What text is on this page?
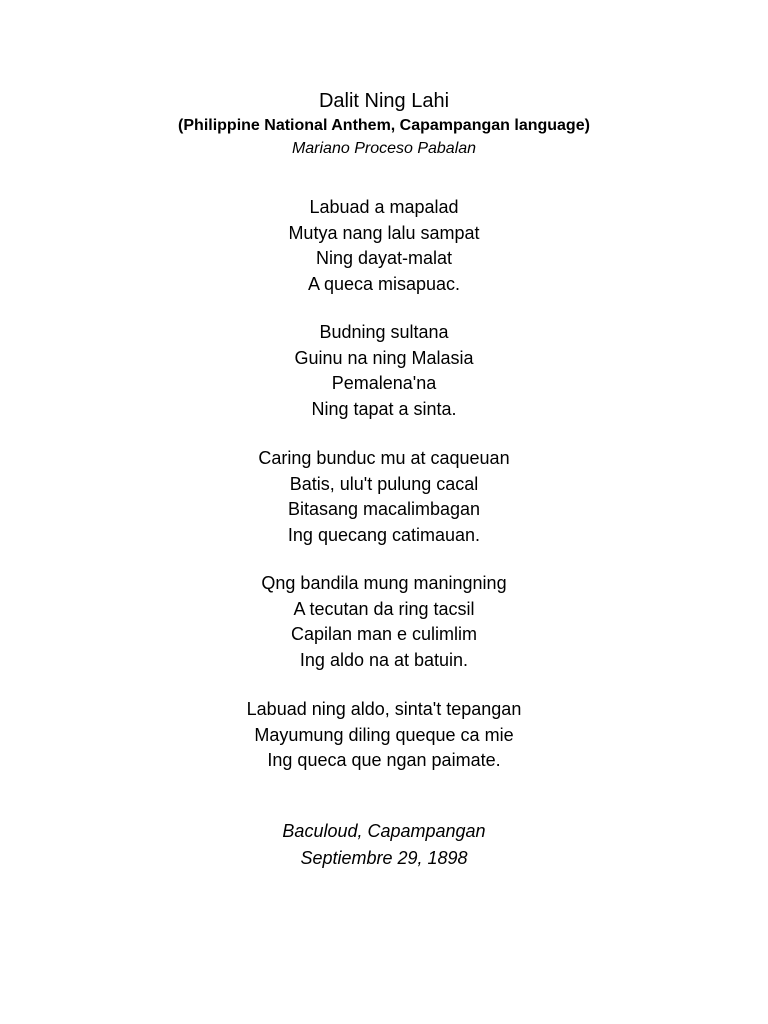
Dalit Ning Lahi
(Philippine National Anthem, Capampangan language)
Mariano Proceso Pabalan
Labuad a mapalad
Mutya nang lalu sampat
Ning dayat-malat
A queca misapuac.
Budning sultana
Guinu na ning Malasia
Pemalena'na
Ning tapat a sinta.
Caring bunduc mu at caqueuan
Batis, ulu't pulung cacal
Bitasang macalimbagan
Ing quecang catimauan.
Qng bandila mung maningning
A tecutan da ring tacsil
Capilan man e culimlim
Ing aldo na at batuin.
Labuad ning aldo, sinta't tepangan
Mayumung diling queque ca mie
Ing queca que ngan paimate.
Baculoud, Capampangan
Septiembre 29, 1898
